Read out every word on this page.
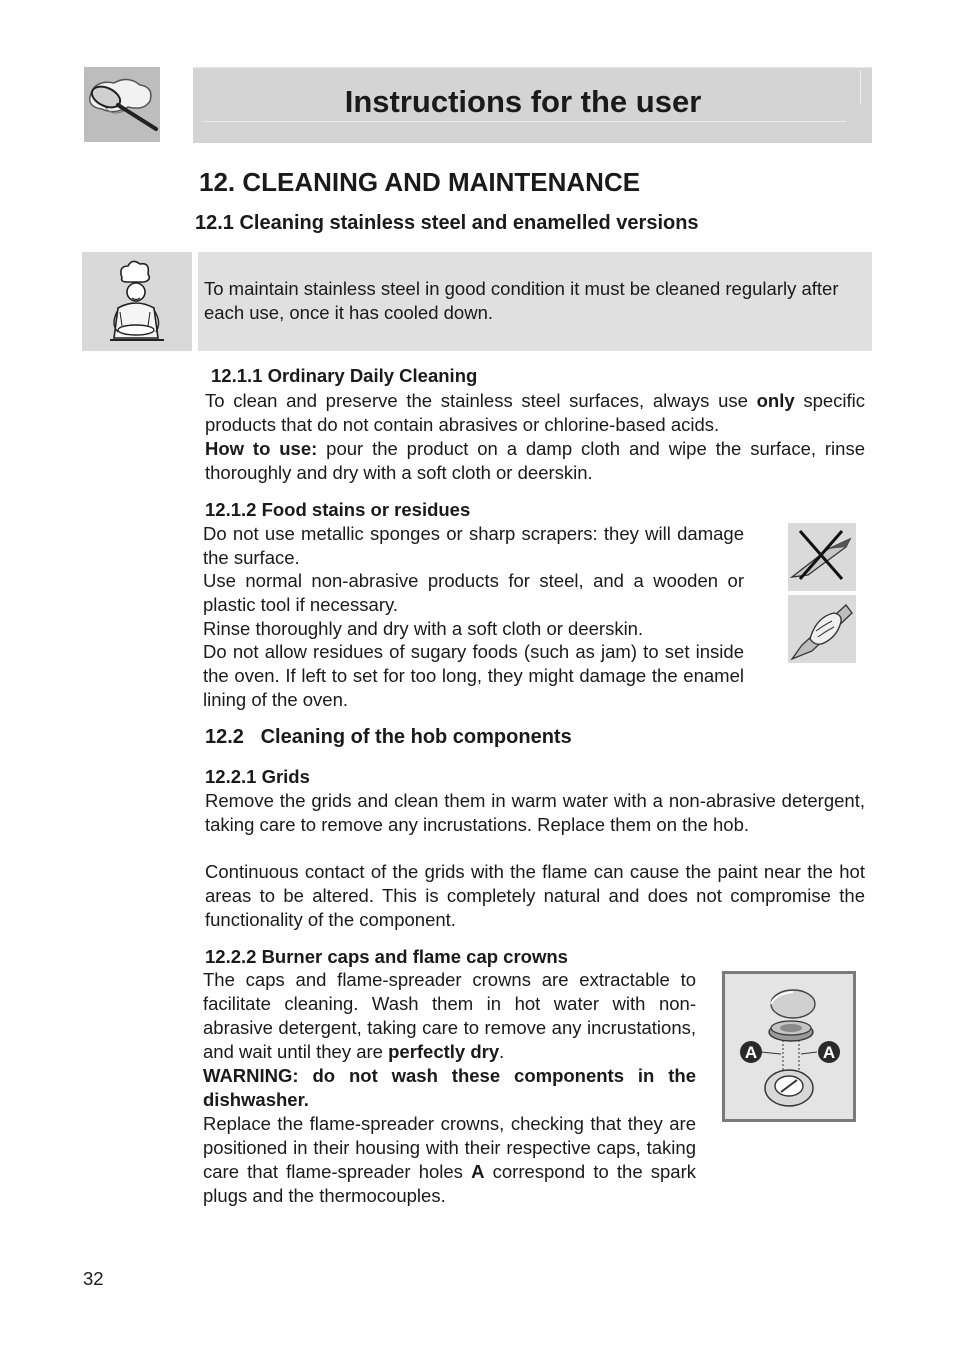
Instructions for the user
12. CLEANING AND MAINTENANCE
12.1 Cleaning stainless steel and enamelled versions
To maintain stainless steel in good condition it must be cleaned regularly after each use, once it has cooled down.
12.1.1 Ordinary Daily Cleaning
To clean and preserve the stainless steel surfaces, always use only specific products that do not contain abrasives or chlorine-based acids.
How to use: pour the product on a damp cloth and wipe the surface, rinse thoroughly and dry with a soft cloth or deerskin.
12.1.2 Food stains or residues
Do not use metallic sponges or sharp scrapers: they will damage the surface.
Use normal non-abrasive products for steel, and a wooden or plastic tool if necessary.
Rinse thoroughly and dry with a soft cloth or deerskin.
Do not allow residues of sugary foods (such as jam) to set inside the oven. If left to set for too long, they might damage the enamel lining of the oven.
12.2   Cleaning of the hob components
12.2.1 Grids
Remove the grids and clean them in warm water with a non-abrasive detergent, taking care to remove any incrustations. Replace them on the hob.
Continuous contact of the grids with the flame can cause the paint near the hot areas to be altered. This is completely natural and does not compromise the functionality of the component.
12.2.2 Burner caps and flame cap crowns
The caps and flame-spreader crowns are extractable to facilitate cleaning. Wash them in hot water with non-abrasive detergent, taking care to remove any incrustations, and wait until they are perfectly dry.
WARNING: do not wash these components in the dishwasher.
Replace the flame-spreader crowns, checking that they are positioned in their housing with their respective caps, taking care that flame-spreader holes A correspond to the spark plugs and the thermocouples.
A	A
32
